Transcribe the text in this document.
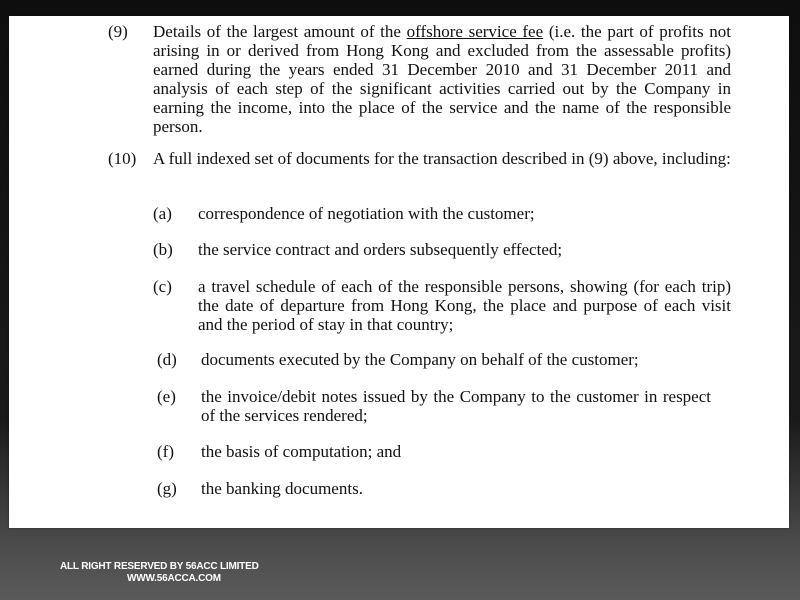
(9) Details of the largest amount of the offshore service fee (i.e. the part of profits not arising in or derived from Hong Kong and excluded from the assessable profits) earned during the years ended 31 December 2010 and 31 December 2011 and analysis of each step of the significant activities carried out by the Company in earning the income, into the place of the service and the name of the responsible person.
(10) A full indexed set of documents for the transaction described in (9) above, including:
(a) correspondence of negotiation with the customer;
(b) the service contract and orders subsequently effected;
(c) a travel schedule of each of the responsible persons, showing (for each trip) the date of departure from Hong Kong, the place and purpose of each visit and the period of stay in that country;
(d) documents executed by the Company on behalf of the customer;
(e) the invoice/debit notes issued by the Company to the customer in respect of the services rendered;
(f) the basis of computation; and
(g) the banking documents.
ALL RIGHT RESERVED BY 56ACC LIMITED
WWW.56ACCA.COM
